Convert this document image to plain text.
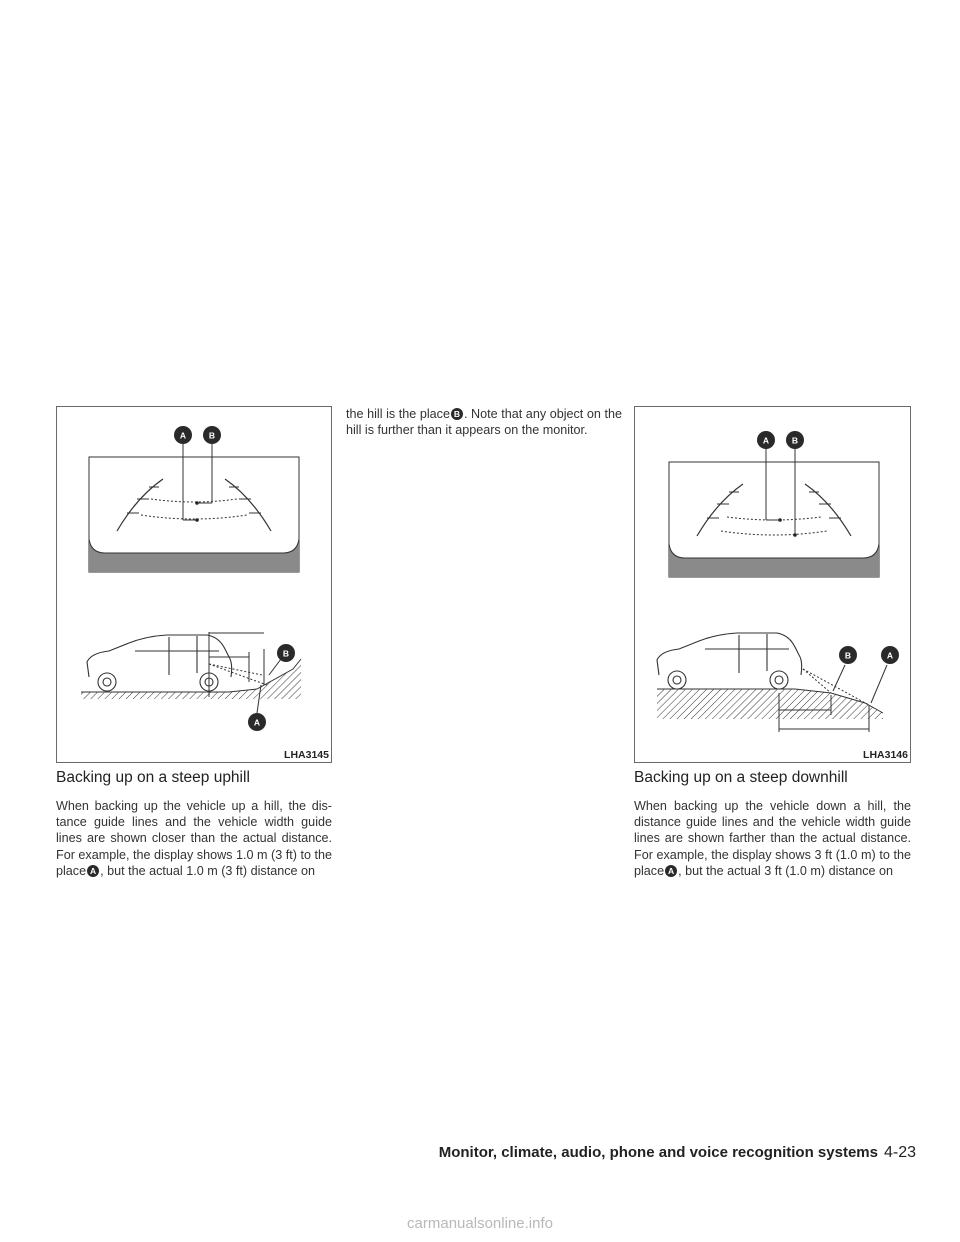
A	B
B
A
LHA3145
A	B
B	A
LHA3146
Backing up on a steep uphill

When backing up the vehicle up a hill, the dis-tance guide lines and the vehicle width guide lines are shown closer than the actual distance. For example, the display shows 1.0 m (3 ft) to the place A , but the actual 1.0 m (3 ft) distance on

the hill is the place B . Note that any object on the hill is further than it appears on the monitor.

Backing up on a steep downhill

When backing up the vehicle down a hill, the distance guide lines and the vehicle width guide lines are shown farther than the actual distance. For example, the display shows 3 ft (1.0 m) to the place A , but the actual 3 ft (1.0 m) distance on

Monitor, climate, audio, phone and voice recognition systems 4-23
carmanualsonline.info
